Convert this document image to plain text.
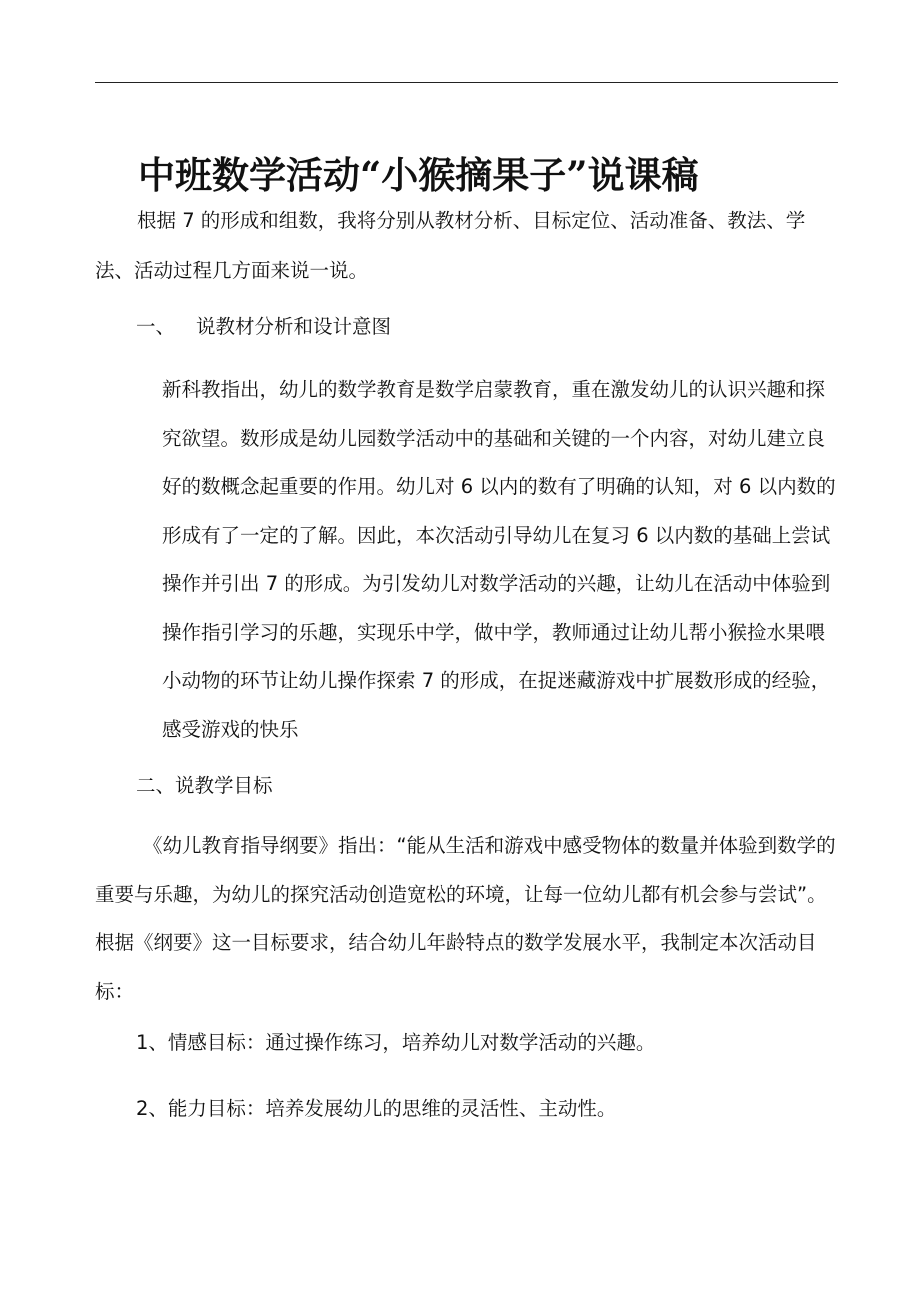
中班数学活动“小猴摘果子”说课稿

根据 7 的形成和组数，我将分别从教材分析、目标定位、活动准备、教法、学法、活动过程几方面来说一说。

一、 说教材分析和设计意图

新科教指出，幼儿的数学教育是数学启蒙教育，重在激发幼儿的认识兴趣和探究欲望。数形成是幼儿园数学活动中的基础和关键的一个内容，对幼儿建立良好的数概念起重要的作用。幼儿对 6 以内的数有了明确的认知，对 6 以内数的形成有了一定的了解。因此，本次活动引导幼儿在复习 6 以内数的基础上尝试操作并引出 7 的形成。为引发幼儿对数学活动的兴趣，让幼儿在活动中体验到操作指引学习的乐趣，实现乐中学，做中学，教师通过让幼儿帮小猴捡水果喂小动物的环节让幼儿操作探索 7 的形成，在捉迷藏游戏中扩展数形成的经验，感受游戏的快乐

二、说教学目标

《幼儿教育指导纲要》指出：“能从生活和游戏中感受物体的数量并体验到数学的重要与乐趣，为幼儿的探究活动创造宽松的环境，让每一位幼儿都有机会参与尝试”。根据《纲要》这一目标要求，结合幼儿年龄特点的数学发展水平，我制定本次活动目标：

1、情感目标：通过操作练习，培养幼儿对数学活动的兴趣。
2、能力目标：培养发展幼儿的思维的灵活性、主动性。
